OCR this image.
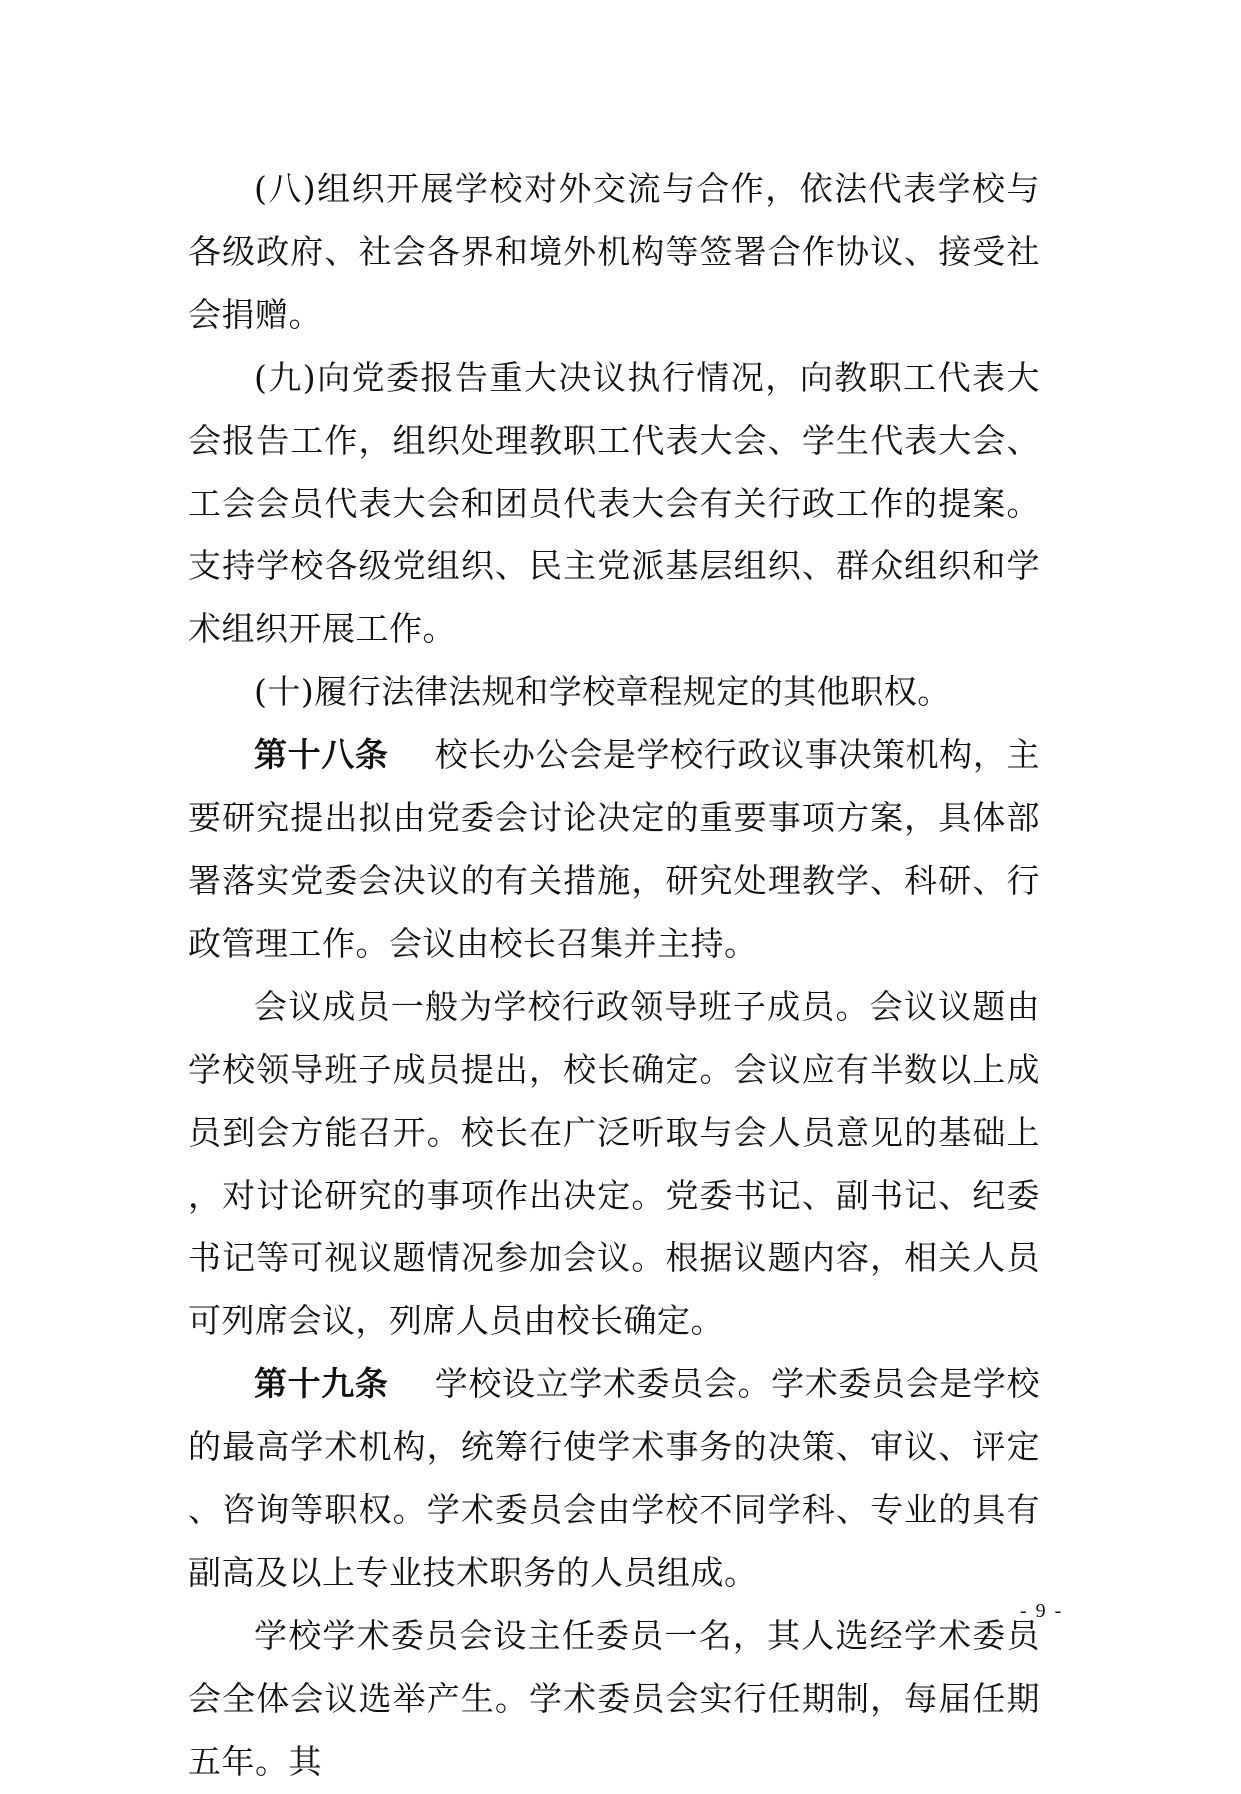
(八)组织开展学校对外交流与合作，依法代表学校与各级政府、社会各界和境外机构等签署合作协议、接受社会捐赠。

(九)向党委报告重大决议执行情况，向教职工代表大会报告工作，组织处理教职工代表大会、学生代表大会、工会会员代表大会和团员代表大会有关行政工作的提案。支持学校各级党组织、民主党派基层组织、群众组织和学术组织开展工作。

(十)履行法律法规和学校章程规定的其他职权。

第十八条 校长办公会是学校行政议事决策机构，主要研究提出拟由党委会讨论决定的重要事项方案，具体部署落实党委会决议的有关措施，研究处理教学、科研、行政管理工作。会议由校长召集并主持。

会议成员一般为学校行政领导班子成员。会议议题由学校领导班子成员提出，校长确定。会议应有半数以上成员到会方能召开。校长在广泛听取与会人员意见的基础上，对讨论研究的事项作出决定。党委书记、副书记、纪委书记等可视议题情况参加会议。根据议题内容，相关人员可列席会议，列席人员由校长确定。

第十九条 学校设立学术委员会。学术委员会是学校的最高学术机构，统筹行使学术事务的决策、审议、评定、咨询等职权。学术委员会由学校不同学科、专业的具有副高及以上专业技术职务的人员组成。

学校学术委员会设主任委员一名，其人选经学术委员会全体会议选举产生。学术委员会实行任期制，每届任期五年。其

- 9 -
